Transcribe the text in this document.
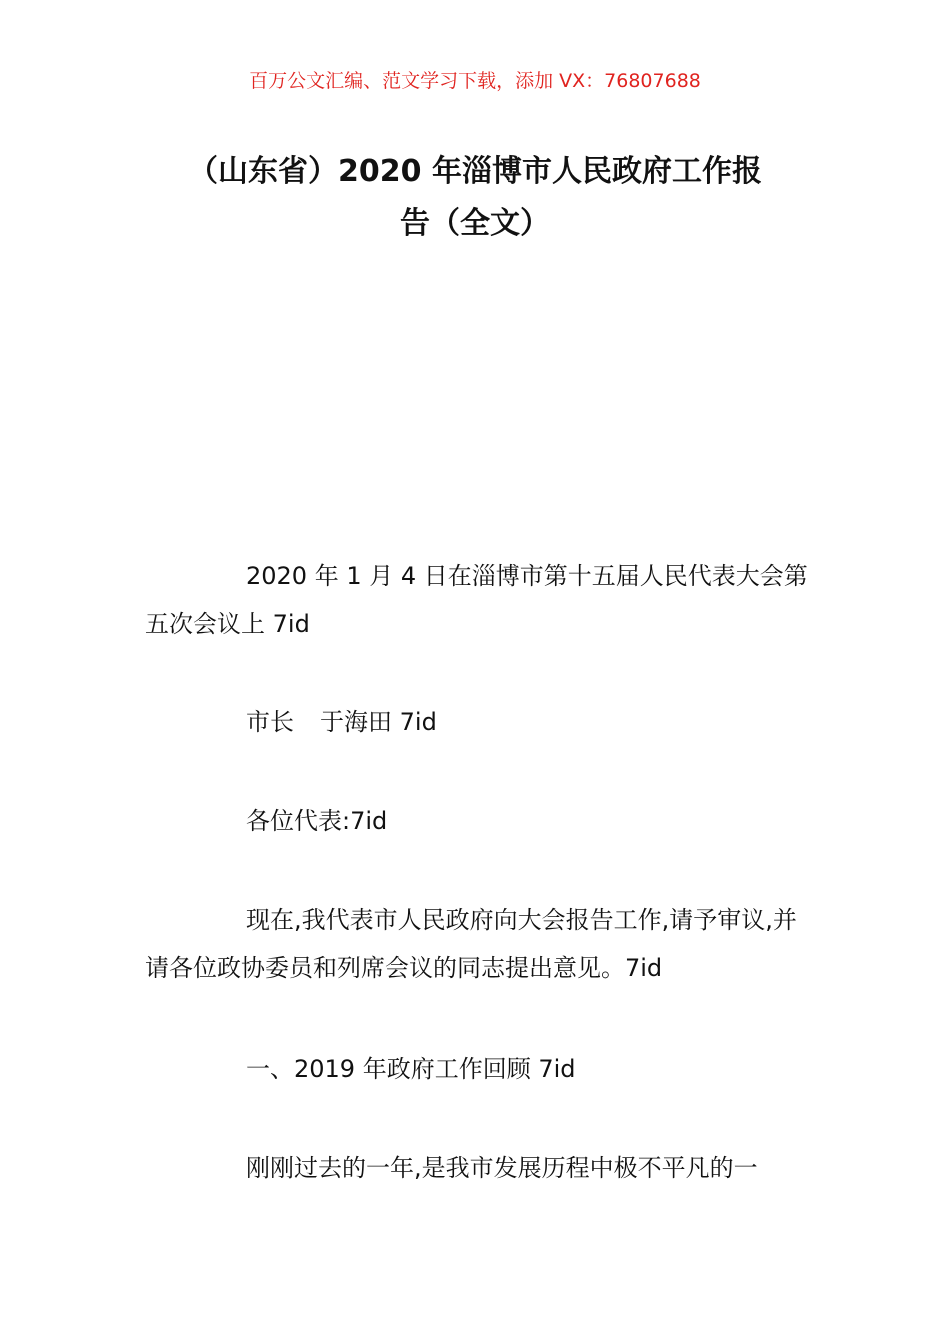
百万公文汇编、范文学习下载，添加 VX：76807688
（山东省）2020 年淄博市人民政府工作报
告（全文）

2020 年 1 月 4 日在淄博市第十五届人民代表大会第五次会议上 7id

市长 于海田 7id

各位代表:7id

现在,我代表市人民政府向大会报告工作,请予审议,并请各位政协委员和列席会议的同志提出意见。7id

一、2019 年政府工作回顾 7id

刚刚过去的一年,是我市发展历程中极不平凡的一
